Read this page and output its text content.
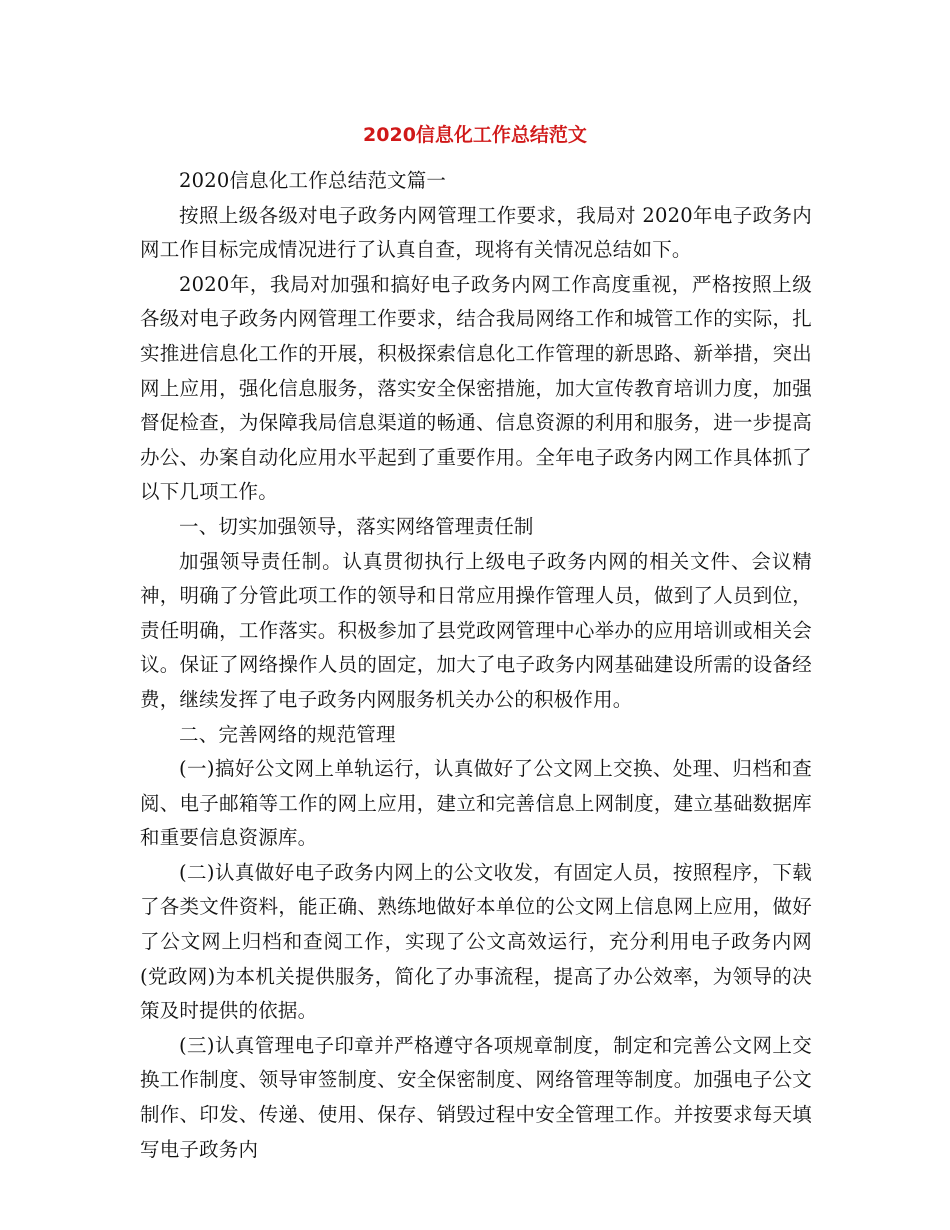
2020信息化工作总结范文

2020信息化工作总结范文篇一

按照上级各级对电子政务内网管理工作要求，我局对 2020年电子政务内网工作目标完成情况进行了认真自查，现将有关情况总结如下。

2020年，我局对加强和搞好电子政务内网工作高度重视，严格按照上级各级对电子政务内网管理工作要求，结合我局网络工作和城管工作的实际，扎实推进信息化工作的开展，积极探索信息化工作管理的新思路、新举措，突出网上应用，强化信息服务，落实安全保密措施，加大宣传教育培训力度，加强督促检查，为保障我局信息渠道的畅通、信息资源的利用和服务，进一步提高办公、办案自动化应用水平起到了重要作用。全年电子政务内网工作具体抓了以下几项工作。

一、切实加强领导，落实网络管理责任制

加强领导责任制。认真贯彻执行上级电子政务内网的相关文件、会议精神，明确了分管此项工作的领导和日常应用操作管理人员，做到了人员到位，责任明确，工作落实。积极参加了县党政网管理中心举办的应用培训或相关会议。保证了网络操作人员的固定，加大了电子政务内网基础建设所需的设备经费，继续发挥了电子政务内网服务机关办公的积极作用。

二、完善网络的规范管理

(一)搞好公文网上单轨运行，认真做好了公文网上交换、处理、归档和查阅、电子邮箱等工作的网上应用，建立和完善信息上网制度，建立基础数据库和重要信息资源库。

(二)认真做好电子政务内网上的公文收发，有固定人员，按照程序，下载了各类文件资料，能正确、熟练地做好本单位的公文网上信息网上应用，做好了公文网上归档和查阅工作，实现了公文高效运行，充分利用电子政务内网(党政网)为本机关提供服务，简化了办事流程，提高了办公效率，为领导的决策及时提供的依据。

(三)认真管理电子印章并严格遵守各项规章制度，制定和完善公文网上交换工作制度、领导审签制度、安全保密制度、网络管理等制度。加强电子公文制作、印发、传递、使用、保存、销毁过程中安全管理工作。并按要求每天填写电子政务内
